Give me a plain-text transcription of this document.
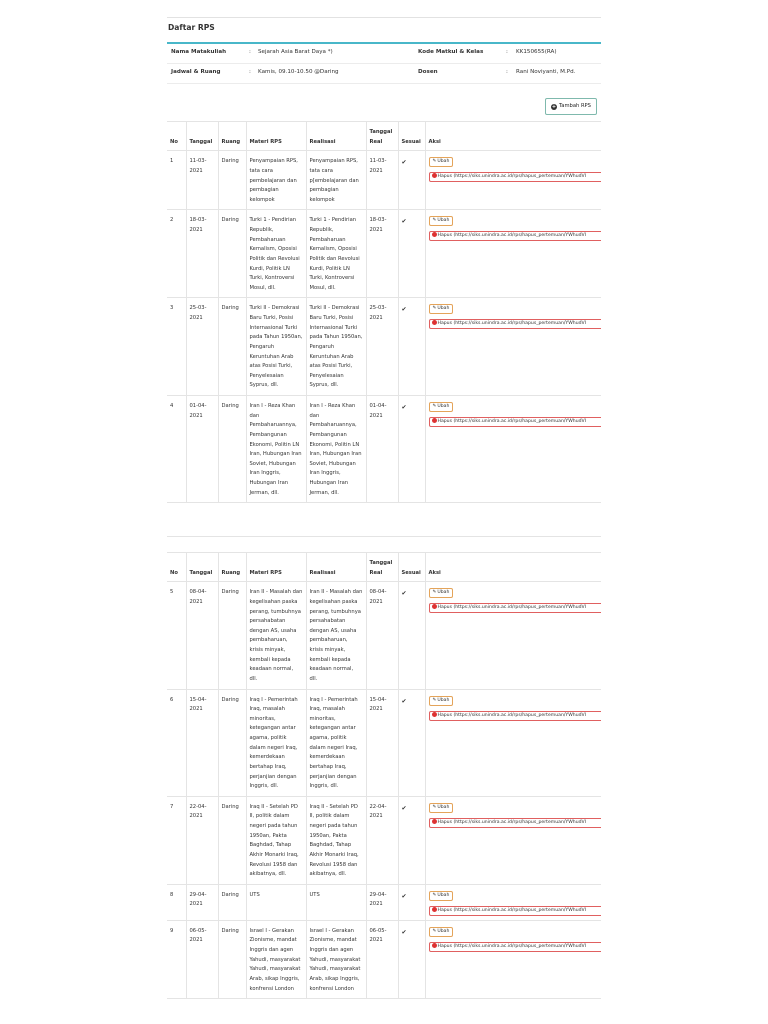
Daftar RPS
Nama Matakuliah	: Sejarah Asia Barat Daya *)	Kode Matkul & Kelas	: KK150655(RA)
Jadwal & Ruang	: Kamis, 09.10-10.50 @Daring	Dosen	: Rani Noviyanti, M.Pd.
+ Tambah RPS
No	Tanggal	Ruang	Materi RPS	Realisasi	Tanggal Real	Sesuai	Aksi
1	11-03-2021	Daring	Penyampaian RPS, tata cara pembelajaran dan pembagian kelompok	Penyampaian RPS, tata cara p[embelajaran dan pembagian kelompok	11-03-2021	✔	✎ Ubah
Hapus (https://siks.unindra.ac.id/rps/hapus_pertemuan/YWhudVI

2	18-03-2021	Daring	Turki 1 - Pendirian Republik, Pembaharuan Kemalism, Oposisi Politik dan Revolusi Kurdi, Politik LN Turki, Kontroversi Mosul, dll.	Turki 1 - Pendirian Republik, Pembaharuan Kemalism, Oposisi Politik dan Revolusi Kurdi, Politik LN Turki, Kontroversi Mosul, dll.	18-03-2021	✔	✎ Ubah
Hapus (https://siks.unindra.ac.id/rps/hapus_pertemuan/YWhudVI

3	25-03-2021	Daring	Turki II - Demokrasi Baru Turki, Posisi Internasional Turki pada Tahun 1950an, Pengaruh Keruntuhan Arab atas Posisi Turki, Penyelesaian Syprus, dll.	Turki II - Demokrasi Baru Turki, Posisi Internasional Turki pada Tahun 1950an, Pengaruh Keruntuhan Arab atas Posisi Turki, Penyelesaian Syprus, dll.	25-03-2021	✔	✎ Ubah
Hapus (https://siks.unindra.ac.id/rps/hapus_pertemuan/YWhudVI

4	01-04-2021	Daring	Iran I - Reza Khan dan Pembaharuannya, Pembangunan Ekonomi, Politin LN Iran, Hubungan Iran Soviet, Hubungan Iran Inggris, Hubungan Iran Jerman, dll.	Iran I - Reza Khan dan Pembaharuannya, Pembangunan Ekonomi, Politin LN Iran, Hubungan Iran Soviet, Hubungan Iran Inggris, Hubungan Iran Jerman, dll.	01-04-2021	✔	✎ Ubah
Hapus (https://siks.unindra.ac.id/rps/hapus_pertemuan/YWhudVI
No	Tanggal	Ruang	Materi RPS	Realisasi	Tanggal Real	Sesuai	Aksi
5	08-04-2021	Daring	Iran II - Masalah dan kegelisahan paska perang, tumbuhnya persahabatan dengan AS, usaha pembaharuan, krisis minyak, kembali kepada keadaan normal, dll.	Iran II - Masalah dan kegelisahan paska perang, tumbuhnya persahabatan dengan AS, usaha pembaharuan, krisis minyak, kembali kepada keadaan normal, dll.	08-04-2021	✔	✎ Ubah
Hapus (https://siks.unindra.ac.id/rps/hapus_pertemuan/YWhudVI

6	15-04-2021	Daring	Iraq I - Pemerintah Iraq, masalah minoritas, ketegangan antar agama, politik dalam negeri Iraq, kemerdekaan bertahap Iraq, perjanjian dengan Inggris, dll.	Iraq I - Pemerintah Iraq, masalah minoritas, ketegangan antar agama, politik dalam negeri Iraq, kemerdekaan bertahap Iraq, perjanjian dengan Inggris, dll.	15-04-2021	✔	✎ Ubah
Hapus (https://siks.unindra.ac.id/rps/hapus_pertemuan/YWhudVI

7	22-04-2021	Daring	Iraq II - Setelah PD II, politik dalam negeri pada tahun 1950an, Pakta Baghdad, Tahap Akhir Monarki Iraq, Revolusi 1958 dan akibatnya, dll.	Iraq II - Setelah PD II, politik dalam negeri pada tahun 1950an, Pakta Baghdad, Tahap Akhir Monarki Iraq, Revolusi 1958 dan akibatnya, dll.	22-04-2021	✔	✎ Ubah
Hapus (https://siks.unindra.ac.id/rps/hapus_pertemuan/YWhudVI

8	29-04-2021	Daring	UTS	UTS	29-04-2021	✔	✎ Ubah
Hapus (https://siks.unindra.ac.id/rps/hapus_pertemuan/YWhudVI

9	06-05-2021	Daring	Israel I - Gerakan Zionisme, mandat Inggris dan agen Yahudi, masyarakat Yahudi, masyarakat Arab, sikap Inggris, konfrensi London	Israel I - Gerakan Zionisme, mandat Inggris dan agen Yahudi, masyarakat Yahudi, masyarakat Arab, sikap Inggris, konfrensi London	06-05-2021	✔	✎ Ubah
Hapus (https://siks.unindra.ac.id/rps/hapus_pertemuan/YWhudVI
